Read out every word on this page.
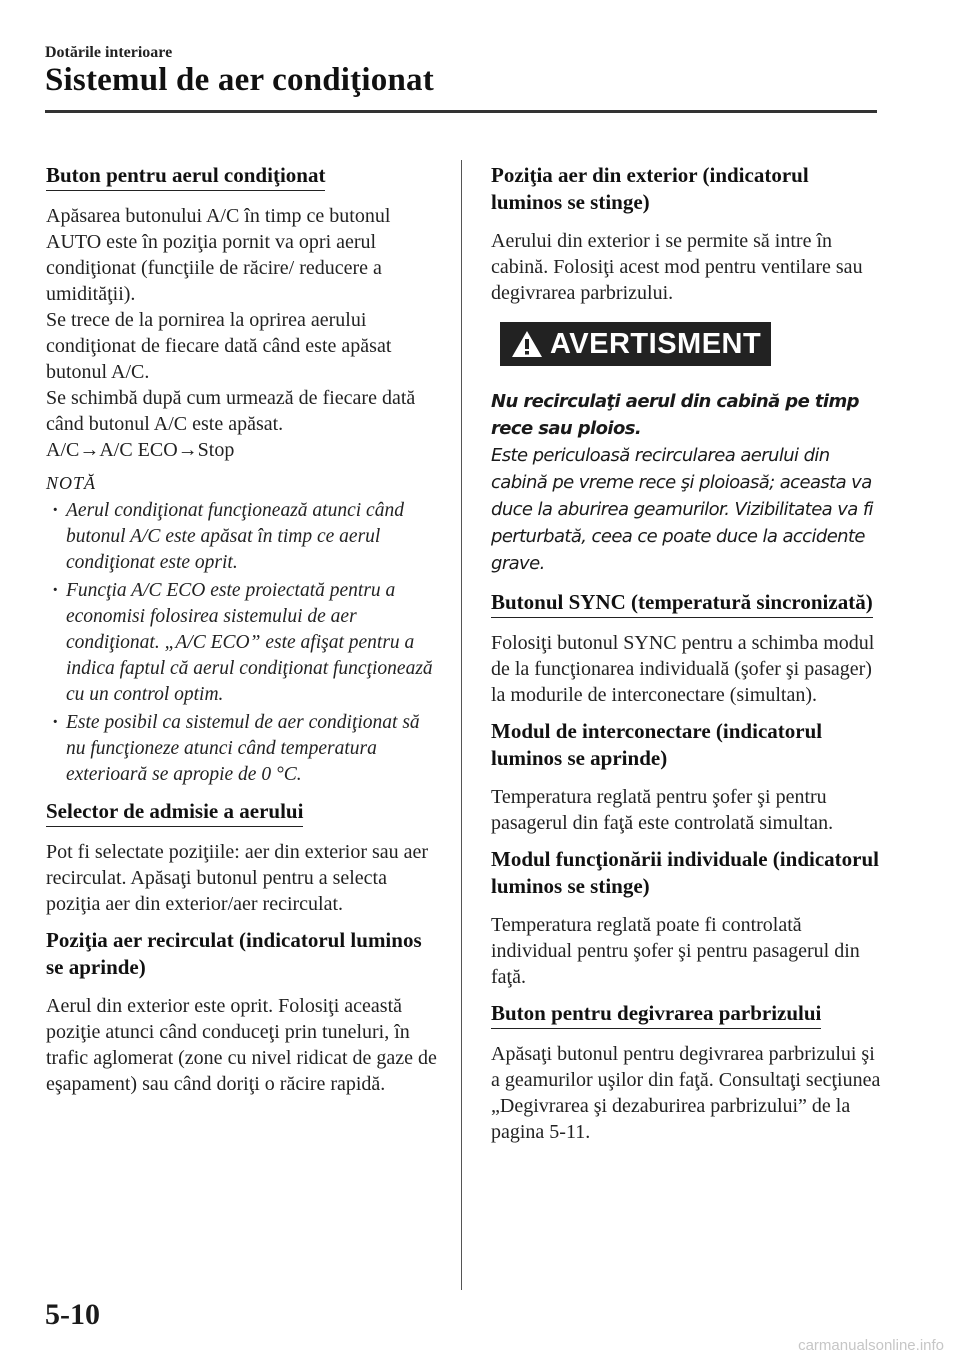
Dotările interioare
Sistemul de aer condiţionat
Buton pentru aerul condiţionat

Apăsarea butonului A/C în timp ce butonul AUTO este în poziţia pornit va opri aerul condiţionat (funcţiile de răcire/ reducere a umidităţii).

Se trece de la pornirea la oprirea aerului condiţionat de fiecare dată când este apăsat butonul A/C.

Se schimbă după cum urmează de fiecare dată când butonul A/C este apăsat.

A/C→A/C ECO→Stop

NOTĂ
· Aerul condiţionat funcţionează atunci când butonul A/C este apăsat în timp ce aerul condiţionat este oprit.
· Funcţia A/C ECO este proiectată pentru a economisi folosirea sistemului de aer condiţionat. „A/C ECO” este afişat pentru a indica faptul că aerul condiţionat funcţionează cu un control optim.
· Este posibil ca sistemul de aer condiţionat să nu funcţioneze atunci când temperatura exterioară se apropie de 0 °C.
Selector de admisie a aerului

Pot fi selectate poziţiile: aer din exterior sau aer recirculat. Apăsaţi butonul pentru a selecta poziţia aer din exterior/aer recirculat.

Poziţia aer recirculat (indicatorul luminos se aprinde)

Aerul din exterior este oprit. Folosiţi această poziţie atunci când conduceţi prin tuneluri, în trafic aglomerat (zone cu nivel ridicat de gaze de eşapament) sau când doriţi o răcire rapidă.

Poziţia aer din exterior (indicatorul luminos se stinge)

Aerului din exterior i se permite să intre în cabină. Folosiţi acest mod pentru ventilare sau degivrarea parbrizului.

AVERTISMENT

Nu recirculaţi aerul din cabină pe timp rece sau ploios.

Este periculoasă recircularea aerului din cabină pe vreme rece şi ploioasă; aceasta va duce la aburirea geamurilor. Vizibilitatea va fi perturbată, ceea ce poate duce la accidente grave.

Butonul SYNC (temperatură sincronizată)

Folosiţi butonul SYNC pentru a schimba modul de la funcţionarea individuală (şofer şi pasager) la modurile de interconectare (simultan).

Modul de interconectare (indicatorul luminos se aprinde)

Temperatura reglată pentru şofer şi pentru pasagerul din faţă este controlată simultan.

Modul funcţionării individuale (indicatorul luminos se stinge)

Temperatura reglată poate fi controlată individual pentru şofer şi pentru pasagerul din faţă.

Buton pentru degivrarea parbrizului

Apăsaţi butonul pentru degivrarea parbrizului şi a geamurilor uşilor din faţă. Consultaţi secţiunea „Degivrarea şi dezaburirea parbrizului” de la pagina 5-11.

5-10
carmanualsonline.info
